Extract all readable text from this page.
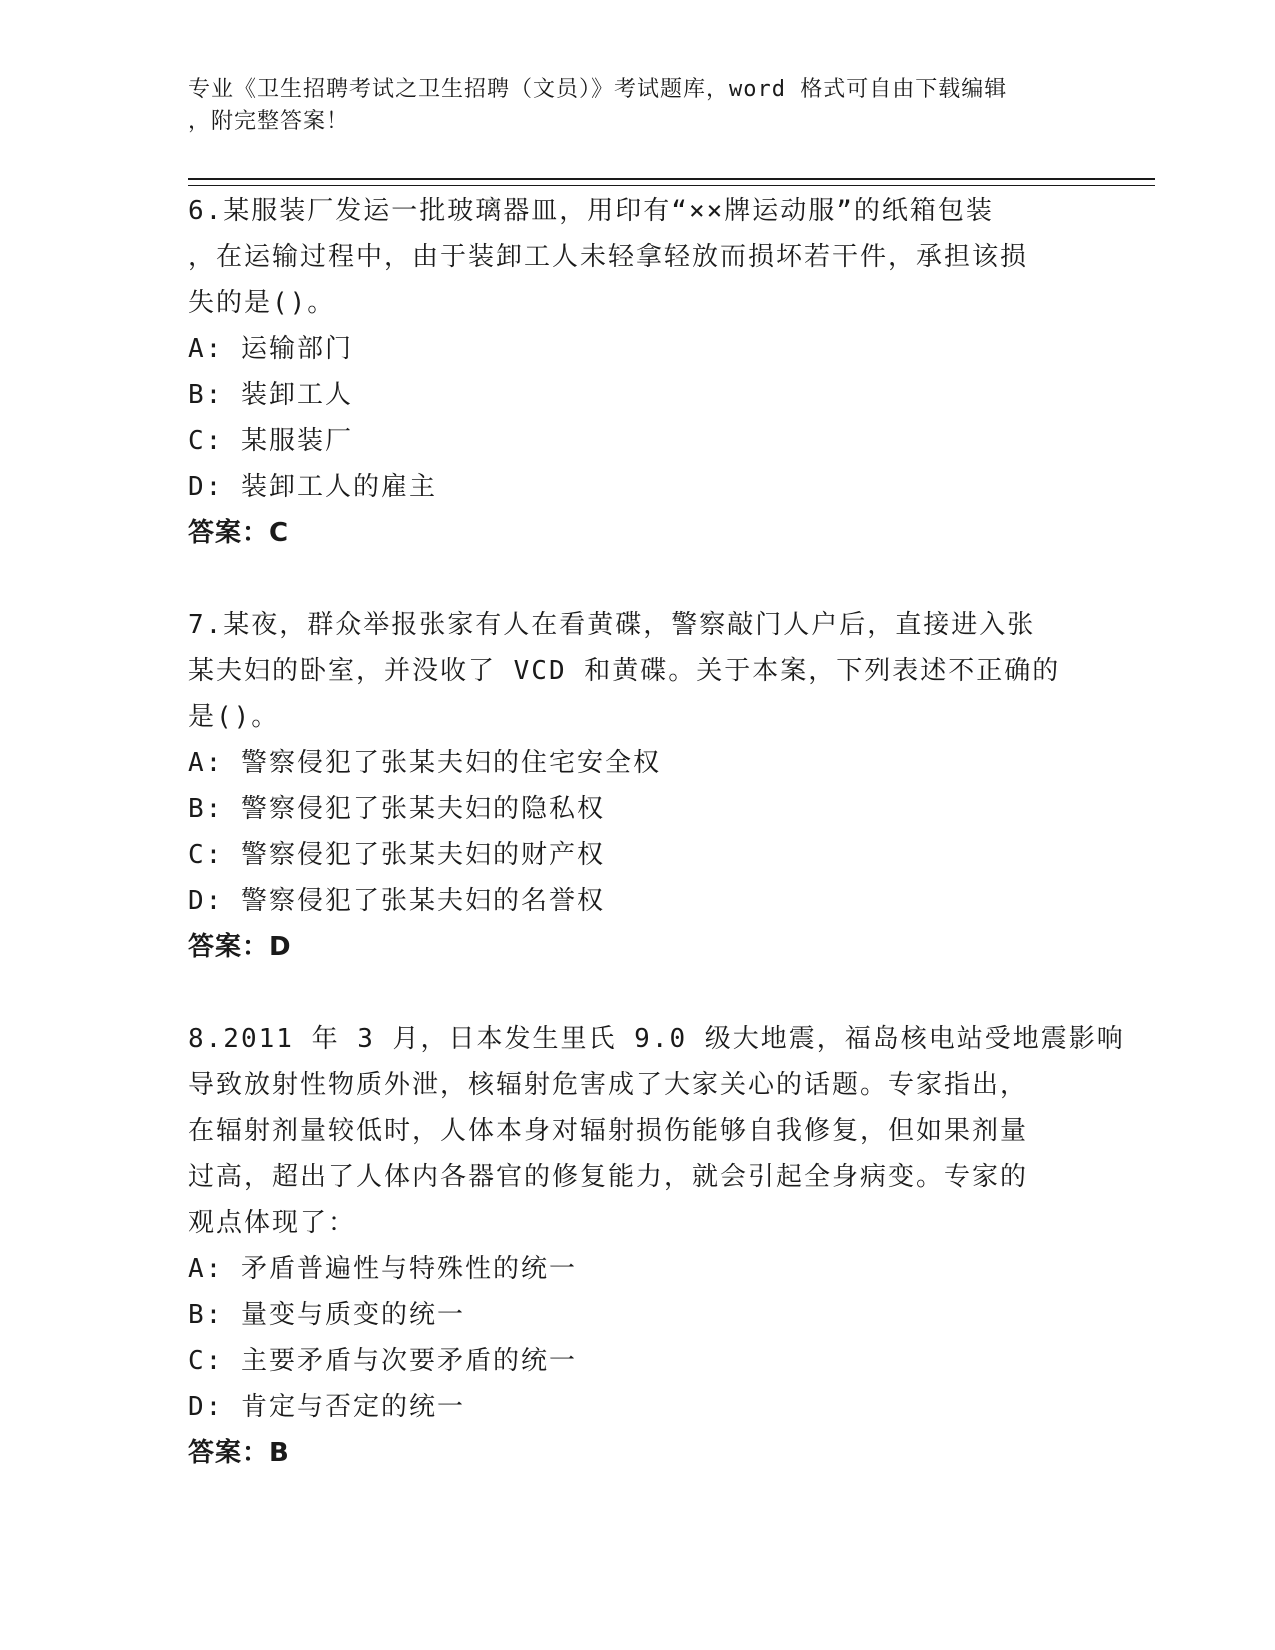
专业《卫生招聘考试之卫生招聘（文员）》考试题库，word 格式可自由下载编辑
，附完整答案！
6.某服装厂发运一批玻璃器皿，用印有“××牌运动服”的纸箱包装
，在运输过程中，由于装卸工人未轻拿轻放而损坏若干件，承担该损
失的是()。
A: 运输部门
B: 装卸工人
C: 某服装厂
D: 装卸工人的雇主
答案：C
7.某夜，群众举报张家有人在看黄碟，警察敲门人户后，直接进入张
某夫妇的卧室，并没收了 VCD 和黄碟。关于本案，下列表述不正确的
是()。
A: 警察侵犯了张某夫妇的住宅安全权
B: 警察侵犯了张某夫妇的隐私权
C: 警察侵犯了张某夫妇的财产权
D: 警察侵犯了张某夫妇的名誉权
答案：D
8.2011 年 3 月，日本发生里氏 9.0 级大地震，福岛核电站受地震影响
导致放射性物质外泄，核辐射危害成了大家关心的话题。专家指出，
在辐射剂量较低时，人体本身对辐射损伤能够自我修复，但如果剂量
过高，超出了人体内各器官的修复能力，就会引起全身病变。专家的
观点体现了：
A: 矛盾普遍性与特殊性的统一
B: 量变与质变的统一
C: 主要矛盾与次要矛盾的统一
D: 肯定与否定的统一
答案：B
